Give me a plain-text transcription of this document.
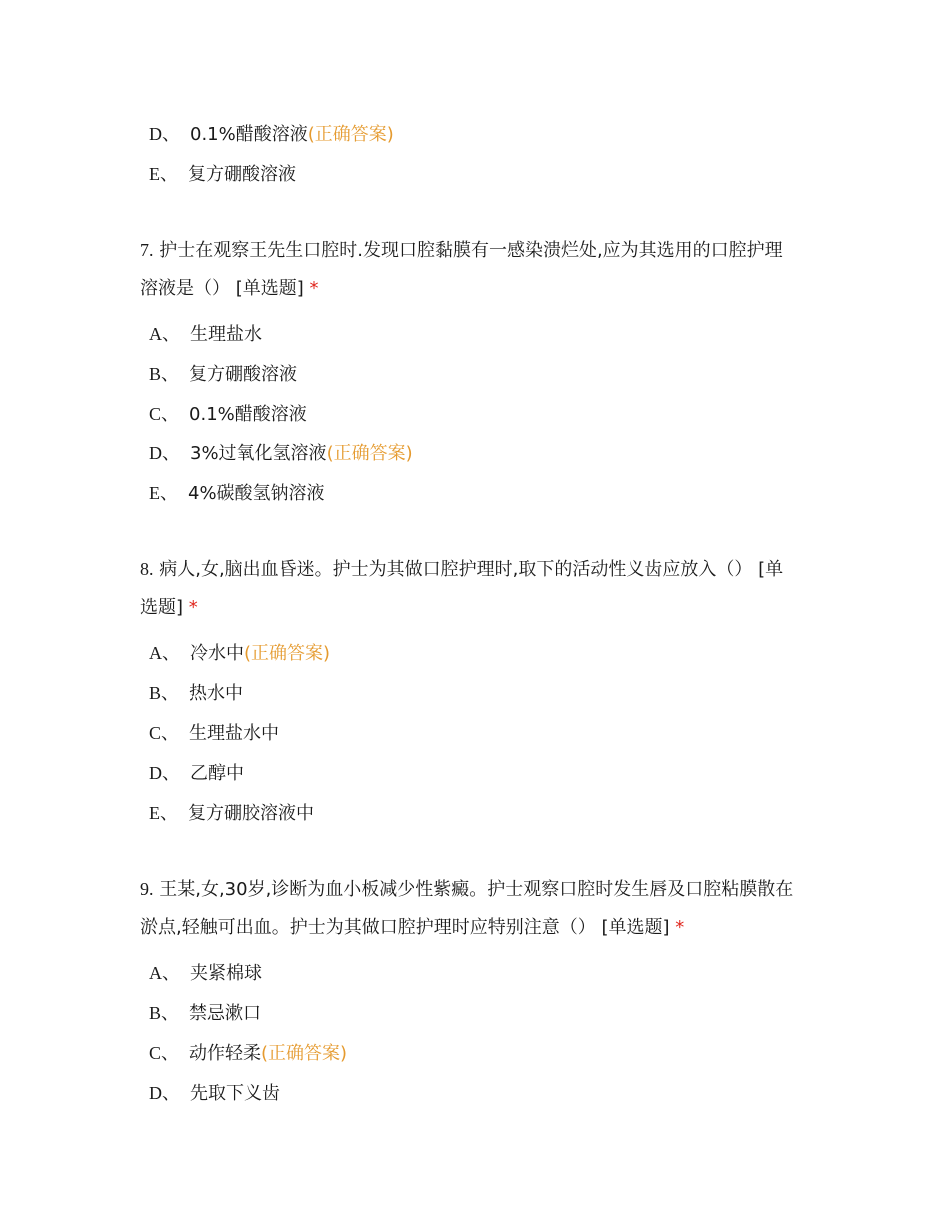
D、 0.1%醋酸溶液(正确答案)
E、 复方硼酸溶液
7. 护士在观察王先生口腔时.发现口腔黏膜有一感染溃烂处,应为其选用的口腔护理
溶液是（） [单选题] *
A、 生理盐水
B、 复方硼酸溶液
C、 0.1%醋酸溶液
D、 3%过氧化氢溶液(正确答案)
E、 4%碳酸氢钠溶液
8. 病人,女,脑出血昏迷。护士为其做口腔护理时,取下的活动性义齿应放入（） [单
选题] *
A、 冷水中(正确答案)
B、 热水中
C、 生理盐水中
D、 乙醇中
E、 复方硼胶溶液中
9. 王某,女,30岁,诊断为血小板减少性紫癜。护士观察口腔时发生唇及口腔粘膜散在
淤点,轻触可出血。护士为其做口腔护理时应特别注意（） [单选题] *
A、 夹紧棉球
B、 禁忌漱口
C、 动作轻柔(正确答案)
D、 先取下义齿
